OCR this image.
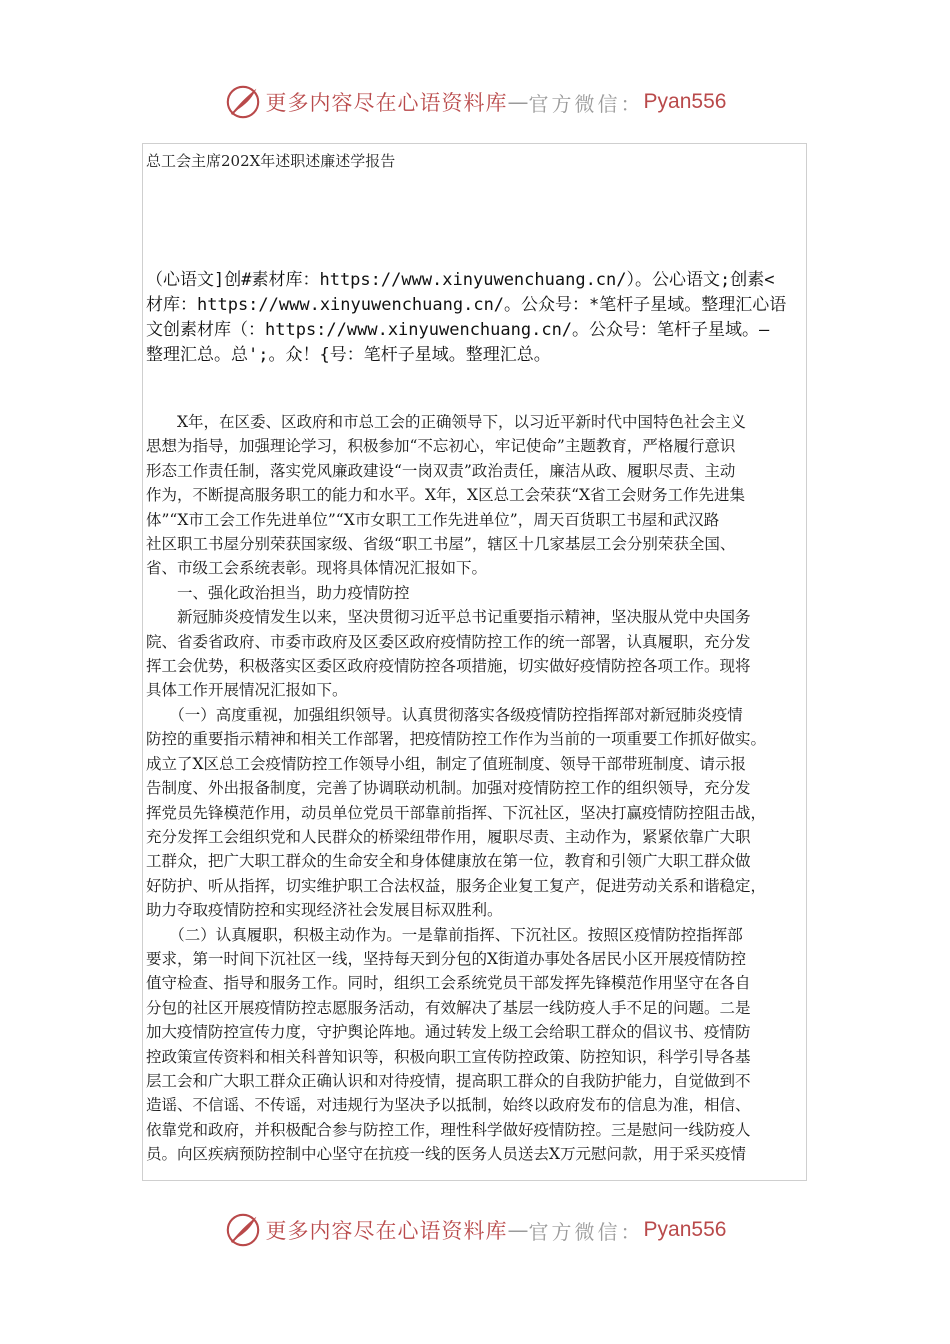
更多内容尽在心语资料库 — 官方微信： Pyan556
总工会主席202X年述职述廉述学报告

（心语文]创#素材库：https://www.xinyuwenchuang.cn/）。公心语文;创素<

材库：https://www.xinyuwenchuang.cn/。公众号：*笔杆子星域。整理汇心语

文创素材库（：https://www.xinyuwenchuang.cn/。公众号：笔杆子星域。—

整理汇总。总';。众！{号：笔杆子星域。整理汇总。

　　X年，在区委、区政府和市总工会的正确领导下，以习近平新时代中国特色社会主义

思想为指导，加强理论学习，积极参加“不忘初心，牢记使命”主题教育，严格履行意识

形态工作责任制，落实党风廉政建设“一岗双责”政治责任，廉洁从政、履职尽责、主动

作为，不断提高服务职工的能力和水平。X年，X区总工会荣获“X省工会财务工作先进集

体”“X市工会工作先进单位”“X市女职工工作先进单位”，周天百货职工书屋和武汉路

社区职工书屋分别荣获国家级、省级“职工书屋”，辖区十几家基层工会分别荣获全国、

省、市级工会系统表彰。现将具体情况汇报如下。

　　一、强化政治担当，助力疫情防控

　　新冠肺炎疫情发生以来，坚决贯彻习近平总书记重要指示精神，坚决服从党中央国务

院、省委省政府、市委市政府及区委区政府疫情防控工作的统一部署，认真履职，充分发

挥工会优势，积极落实区委区政府疫情防控各项措施，切实做好疫情防控各项工作。现将

具体工作开展情况汇报如下。

　　（一）高度重视，加强组织领导。认真贯彻落实各级疫情防控指挥部对新冠肺炎疫情

防控的重要指示精神和相关工作部署，把疫情防控工作作为当前的一项重要工作抓好做实。

成立了X区总工会疫情防控工作领导小组，制定了值班制度、领导干部带班制度、请示报

告制度、外出报备制度，完善了协调联动机制。加强对疫情防控工作的组织领导，充分发

挥党员先锋模范作用，动员单位党员干部靠前指挥、下沉社区，坚决打赢疫情防控阻击战，

充分发挥工会组织党和人民群众的桥梁纽带作用，履职尽责、主动作为，紧紧依靠广大职

工群众，把广大职工群众的生命安全和身体健康放在第一位，教育和引领广大职工群众做

好防护、听从指挥，切实维护职工合法权益，服务企业复工复产，促进劳动关系和谐稳定，

助力夺取疫情防控和实现经济社会发展目标双胜利。

　　（二）认真履职，积极主动作为。一是靠前指挥、下沉社区。按照区疫情防控指挥部

要求，第一时间下沉社区一线，坚持每天到分包的X街道办事处各居民小区开展疫情防控

值守检查、指导和服务工作。同时，组织工会系统党员干部发挥先锋模范作用坚守在各自

分包的社区开展疫情防控志愿服务活动，有效解决了基层一线防疫人手不足的问题。二是

加大疫情防控宣传力度，守护舆论阵地。通过转发上级工会给职工群众的倡议书、疫情防

控政策宣传资料和相关科普知识等，积极向职工宣传防控政策、防控知识，科学引导各基

层工会和广大职工群众正确认识和对待疫情，提高职工群众的自我防护能力，自觉做到不

造谣、不信谣、不传谣，对违规行为坚决予以抵制，始终以政府发布的信息为准，相信、

依靠党和政府，并积极配合参与防控工作，理性科学做好疫情防控。三是慰问一线防疫人

员。向区疾病预防控制中心坚守在抗疫一线的医务人员送去X万元慰问款，用于采买疫情

更多内容尽在心语资料库 — 官方微信： Pyan556
